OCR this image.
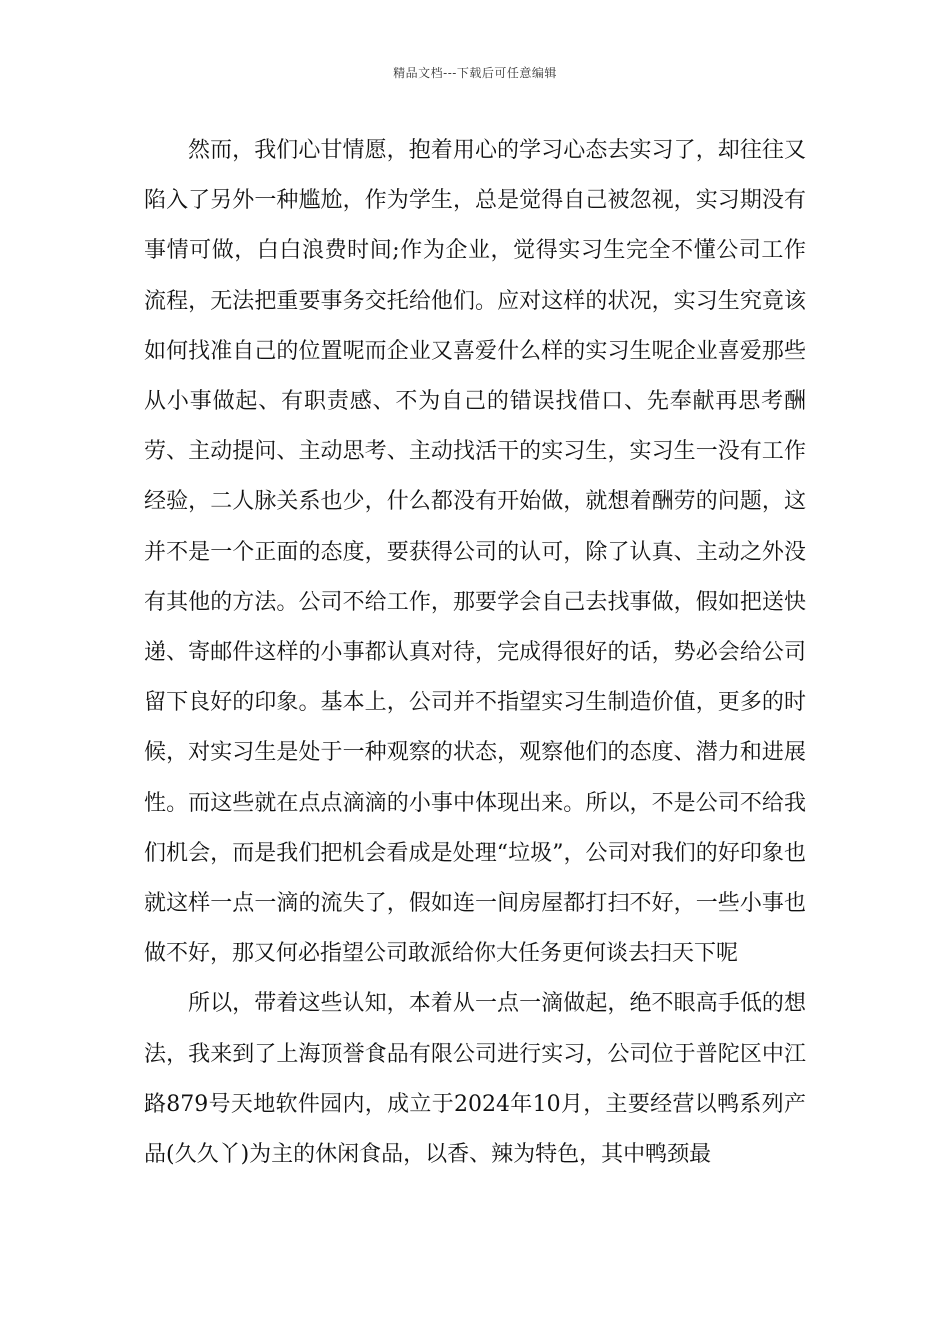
精品文档---下载后可任意编辑

然而，我们心甘情愿，抱着用心的学习心态去实习了，却往往又陷入了另外一种尴尬，作为学生，总是觉得自己被忽视，实习期没有事情可做，白白浪费时间;作为企业，觉得实习生完全不懂公司工作流程，无法把重要事务交托给他们。应对这样的状况，实习生究竟该如何找准自己的位置呢而企业又喜爱什么样的实习生呢企业喜爱那些从小事做起、有职责感、不为自己的错误找借口、先奉献再思考酬劳、主动提问、主动思考、主动找活干的实习生，实习生一没有工作经验，二人脉关系也少，什么都没有开始做，就想着酬劳的问题，这并不是一个正面的态度，要获得公司的认可，除了认真、主动之外没有其他的方法。公司不给工作，那要学会自己去找事做，假如把送快递、寄邮件这样的小事都认真对待，完成得很好的话，势必会给公司留下良好的印象。基本上，公司并不指望实习生制造价值，更多的时候，对实习生是处于一种观察的状态，观察他们的态度、潜力和进展性。而这些就在点点滴滴的小事中体现出来。所以，不是公司不给我们机会，而是我们把机会看成是处理“垃圾”，公司对我们的好印象也就这样一点一滴的流失了，假如连一间房屋都打扫不好，一些小事也做不好，那又何必指望公司敢派给你大任务更何谈去扫天下呢

所以，带着这些认知，本着从一点一滴做起，绝不眼高手低的想法，我来到了上海顶誉食品有限公司进行实习，公司位于普陀区中江路879号天地软件园内，成立于2024年10月，主要经营以鸭系列产品(久久丫)为主的休闲食品，以香、辣为特色，其中鸭颈最
